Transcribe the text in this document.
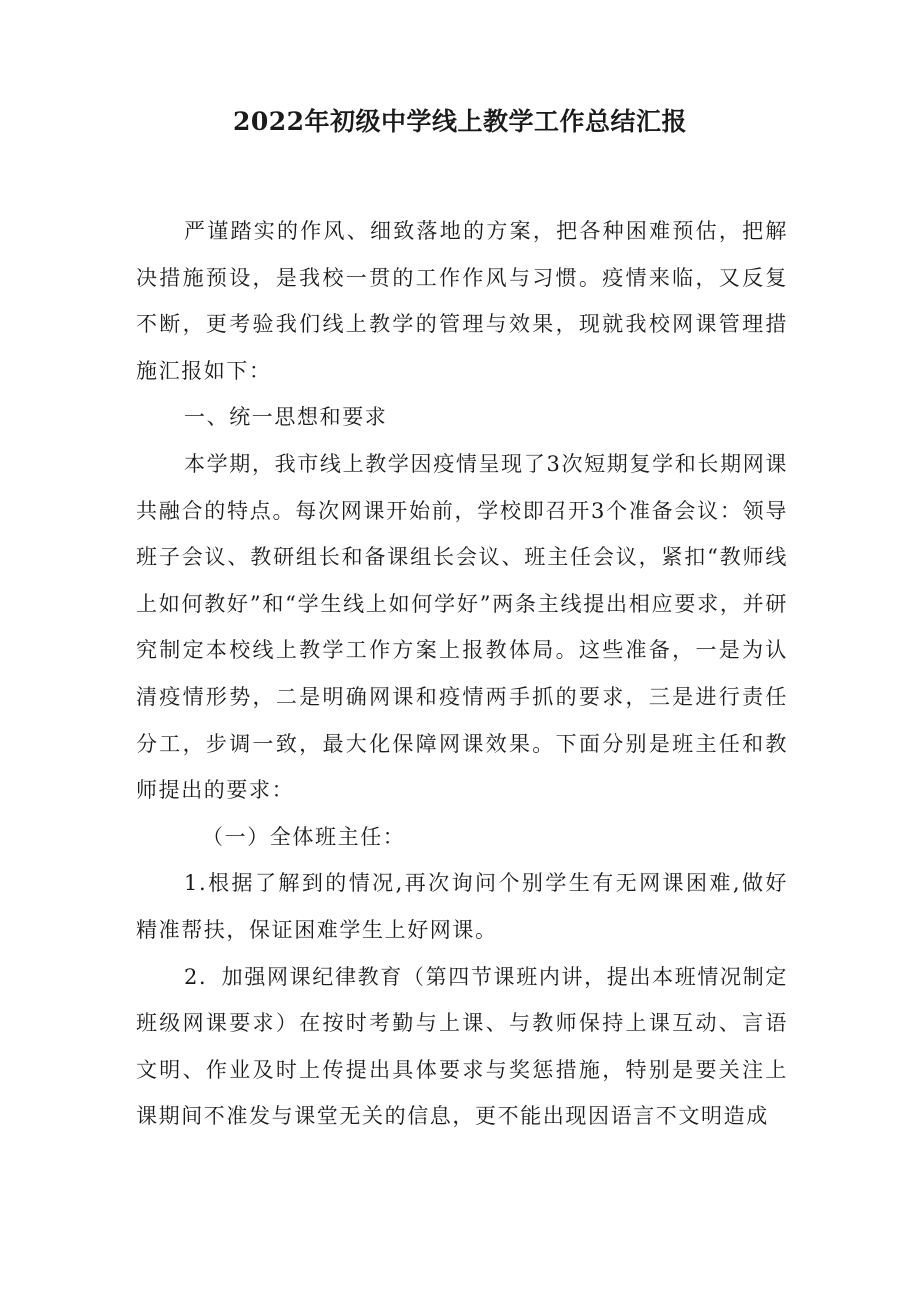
2022年初级中学线上教学工作总结汇报

严谨踏实的作风、细致落地的方案，把各种困难预估，把解决措施预设，是我校一贯的工作作风与习惯。疫情来临，又反复不断，更考验我们线上教学的管理与效果，现就我校网课管理措施汇报如下：

一、统一思想和要求

本学期，我市线上教学因疫情呈现了3次短期复学和长期网课共融合的特点。每次网课开始前，学校即召开3个准备会议：领导班子会议、教研组长和备课组长会议、班主任会议，紧扣“教师线上如何教好”和“学生线上如何学好”两条主线提出相应要求，并研究制定本校线上教学工作方案上报教体局。这些准备，一是为认清疫情形势，二是明确网课和疫情两手抓的要求，三是进行责任分工，步调一致，最大化保障网课效果。下面分别是班主任和教师提出的要求：

（一）全体班主任：

1.根据了解到的情况,再次询问个别学生有无网课困难,做好精准帮扶，保证困难学生上好网课。

2．加强网课纪律教育（第四节课班内讲，提出本班情况制定班级网课要求）在按时考勤与上课、与教师保持上课互动、言语文明、作业及时上传提出具体要求与奖惩措施，特别是要关注上课期间不准发与课堂无关的信息，更不能出现因语言不文明造成
